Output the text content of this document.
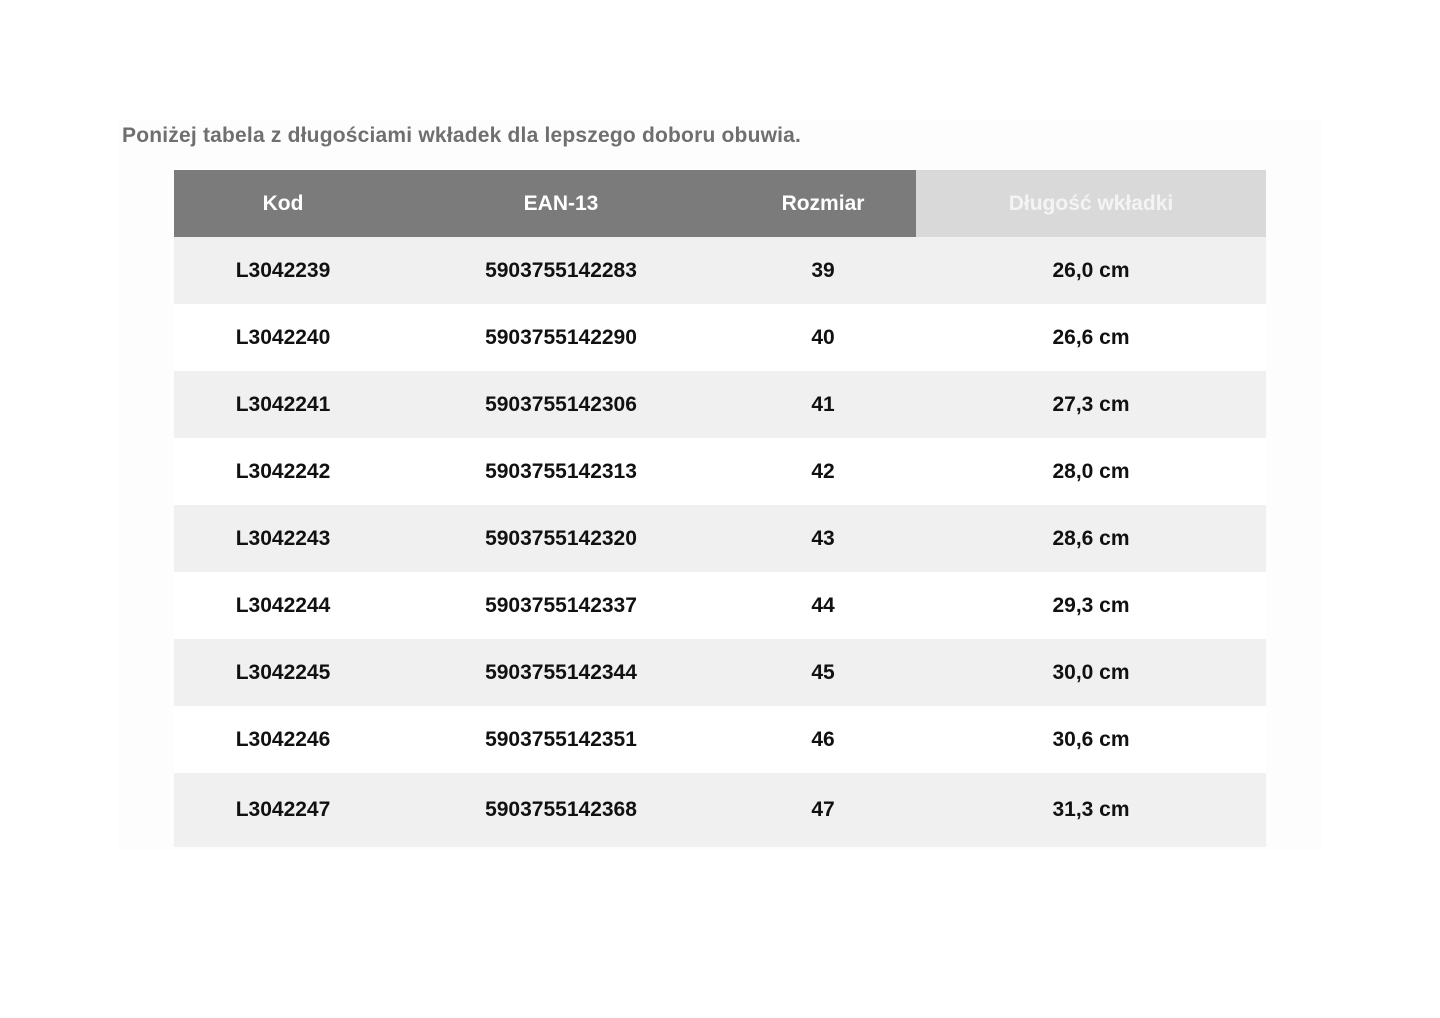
Poniżej tabela z długościami wkładek dla lepszego doboru obuwia.
Kod	EAN-13	Rozmiar	Długość wkładki
L3042239	5903755142283	39	26,0 cm
L3042240	5903755142290	40	26,6 cm
L3042241	5903755142306	41	27,3 cm
L3042242	5903755142313	42	28,0 cm
L3042243	5903755142320	43	28,6 cm
L3042244	5903755142337	44	29,3 cm
L3042245	5903755142344	45	30,0 cm
L3042246	5903755142351	46	30,6 cm
L3042247	5903755142368	47	31,3 cm
